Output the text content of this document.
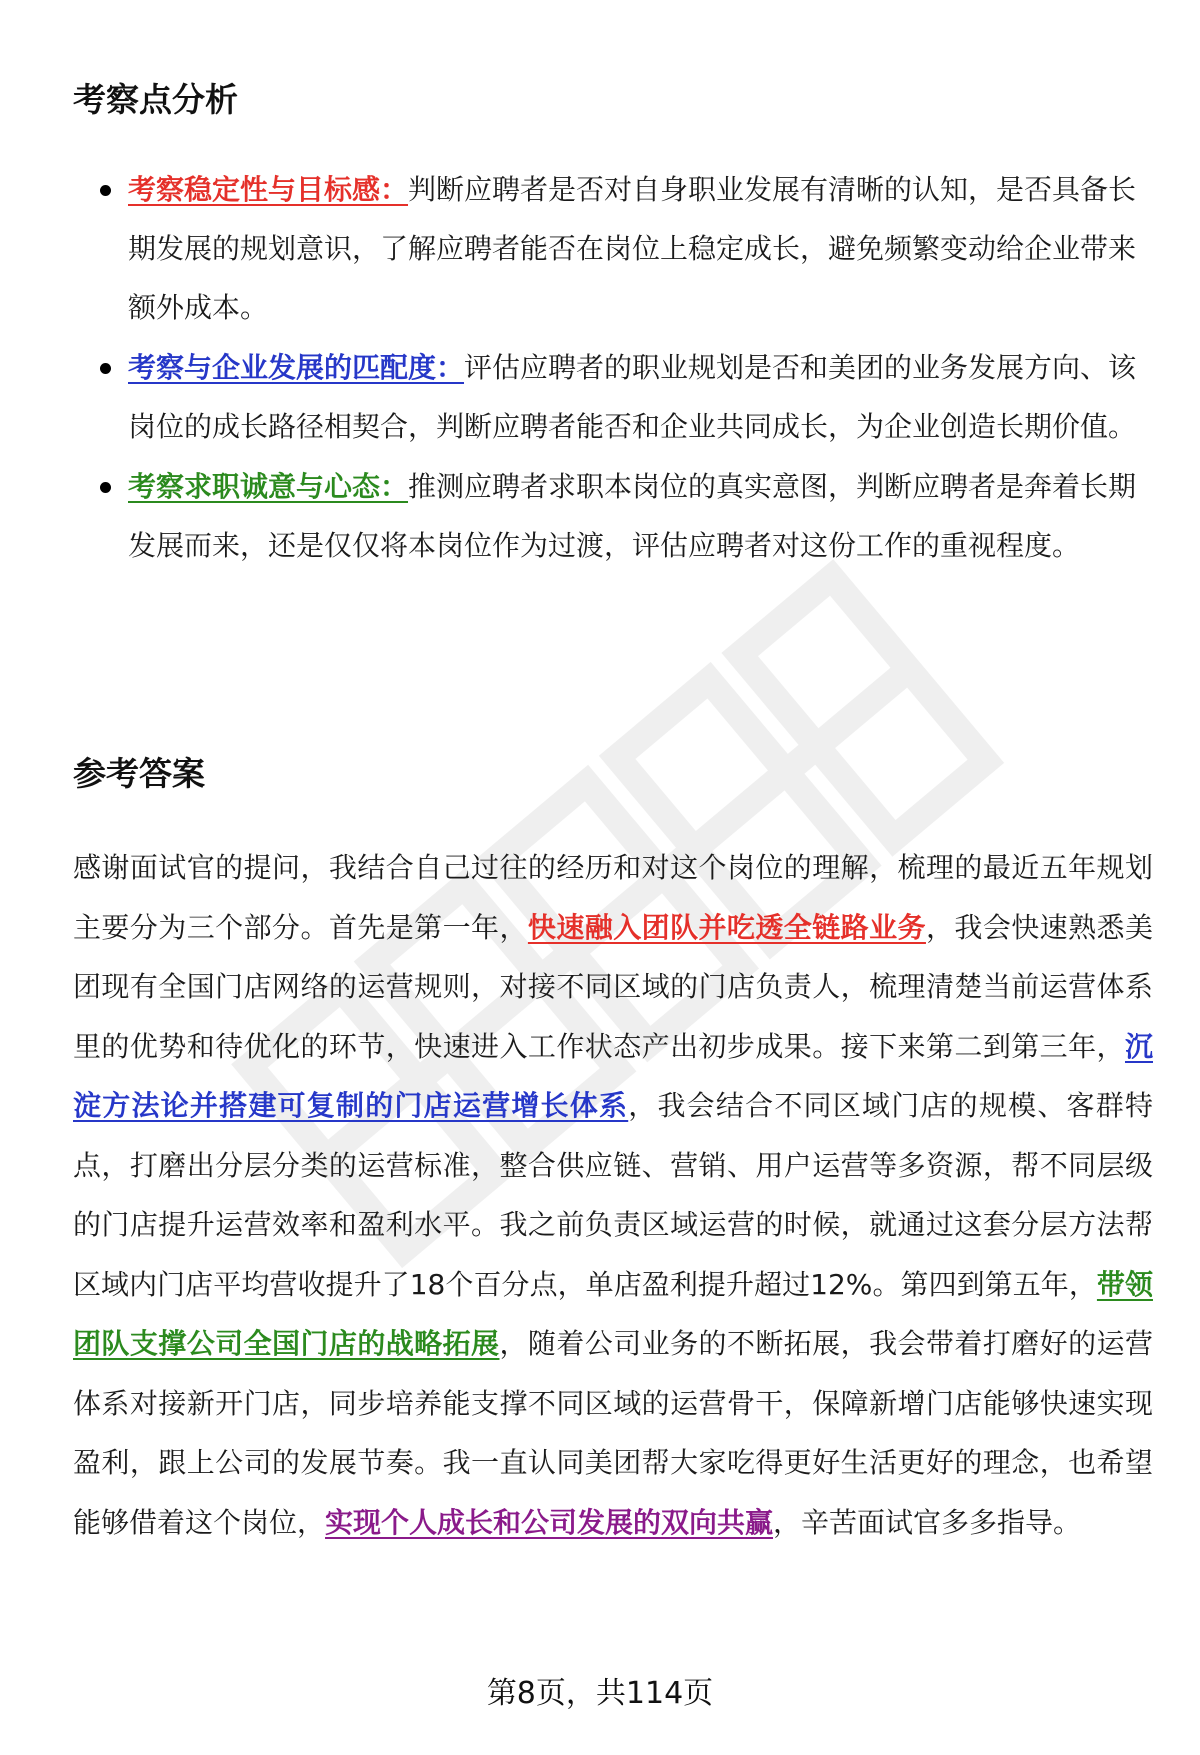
考察点分析
考察稳定性与目标感：判断应聘者是否对自身职业发展有清晰的认知，是否具备长期发展的规划意识，了解应聘者能否在岗位上稳定成长，避免频繁变动给企业带来额外成本。
考察与企业发展的匹配度：评估应聘者的职业规划是否和美团的业务发展方向、该岗位的成长路径相契合，判断应聘者能否和企业共同成长，为企业创造长期价值。
考察求职诚意与心态：推测应聘者求职本岗位的真实意图，判断应聘者是奔着长期发展而来，还是仅仅将本岗位作为过渡，评估应聘者对这份工作的重视程度。
参考答案

感谢面试官的提问，我结合自己过往的经历和对这个岗位的理解，梳理的最近五年规划主要分为三个部分。首先是第一年，快速融入团队并吃透全链路业务，我会快速熟悉美团现有全国门店网络的运营规则，对接不同区域的门店负责人，梳理清楚当前运营体系里的优势和待优化的环节，快速进入工作状态产出初步成果。接下来第二到第三年，沉淀方法论并搭建可复制的门店运营增长体系，我会结合不同区域门店的规模、客群特点，打磨出分层分类的运营标准，整合供应链、营销、用户运营等多资源，帮不同层级的门店提升运营效率和盈利水平。我之前负责区域运营的时候，就通过这套分层方法帮区域内门店平均营收提升了18个百分点，单店盈利提升超过12%。第四到第五年，带领团队支撑公司全国门店的战略拓展，随着公司业务的不断拓展，我会带着打磨好的运营体系对接新开门店，同步培养能支撑不同区域的运营骨干，保障新增门店能够快速实现盈利，跟上公司的发展节奏。我一直认同美团帮大家吃得更好生活更好的理念，也希望能够借着这个岗位，实现个人成长和公司发展的双向共赢，辛苦面试官多多指导。

第8页，共114页
